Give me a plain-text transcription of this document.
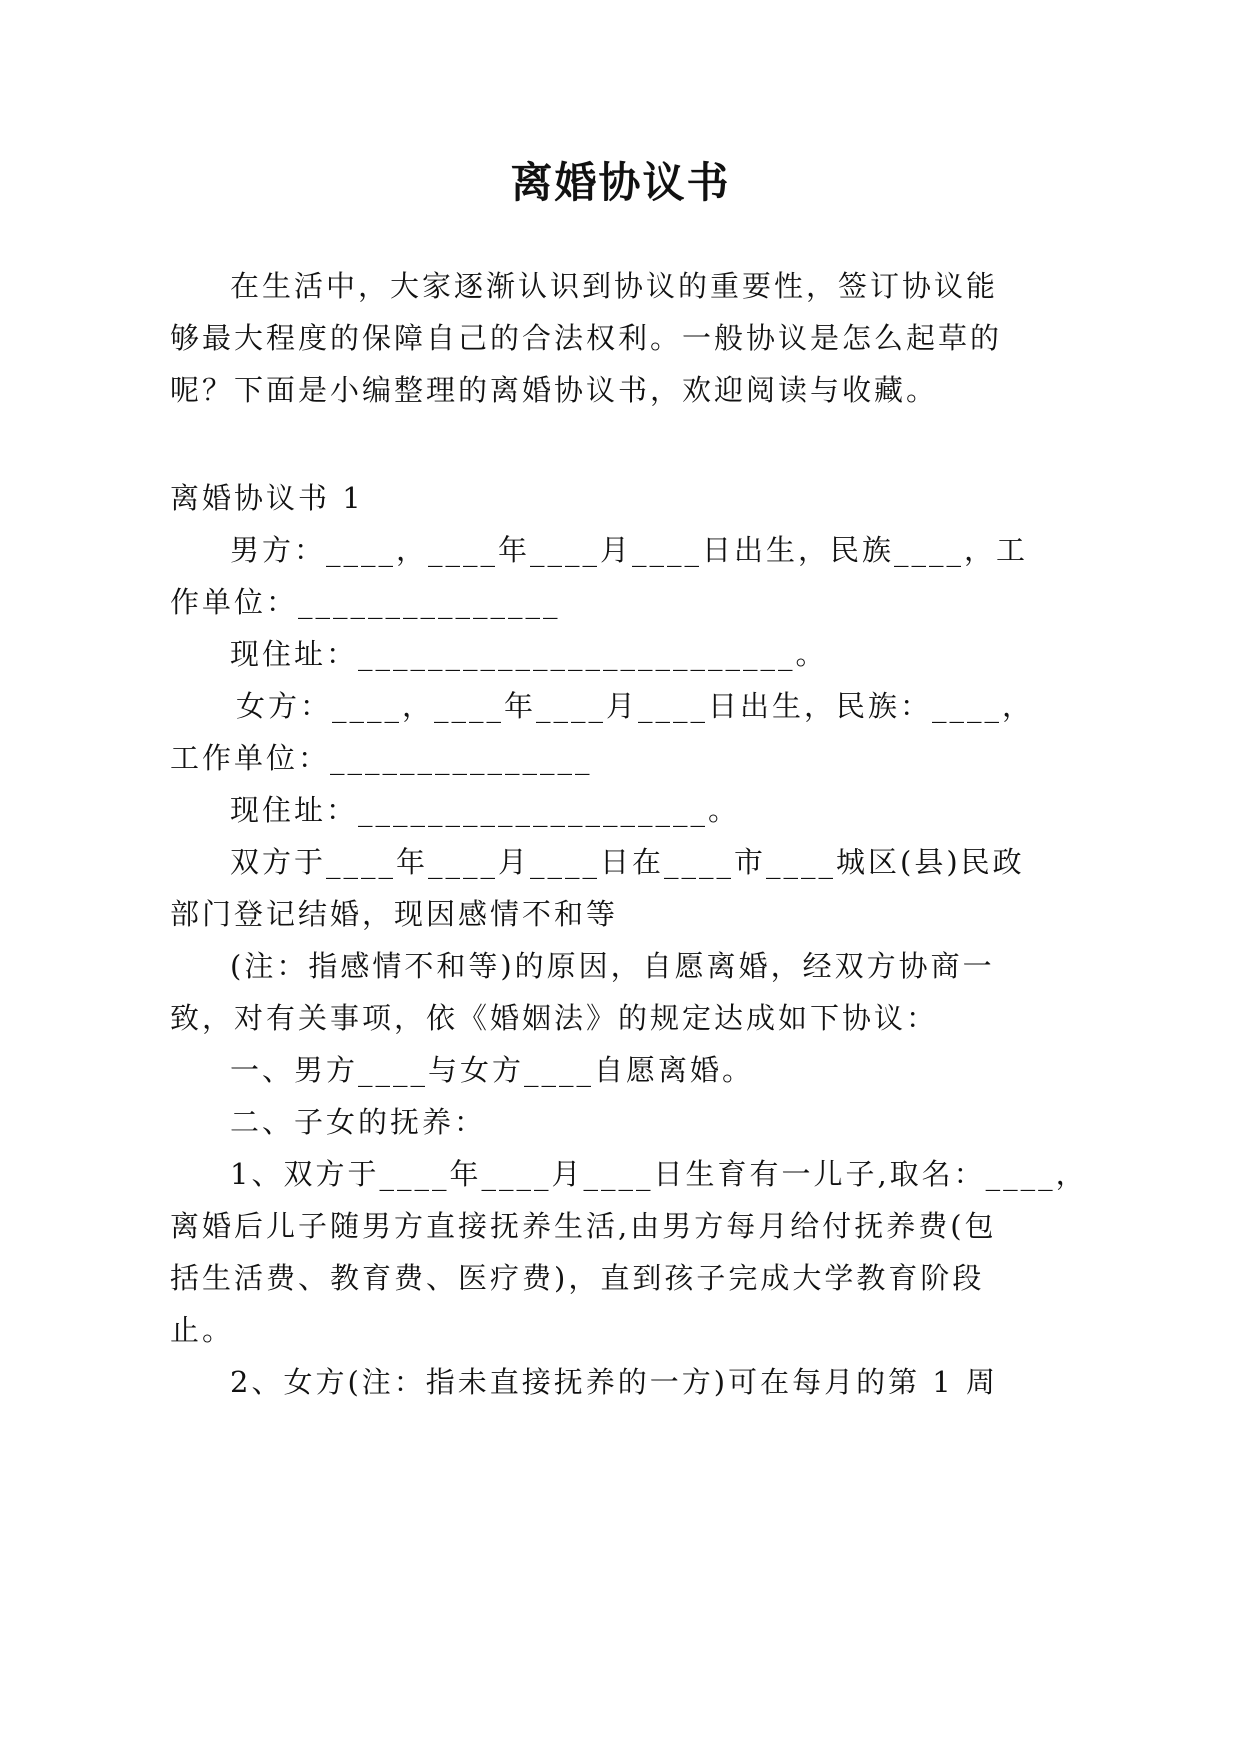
离婚协议书
在生活中，大家逐渐认识到协议的重要性，签订协议能
够最大程度的保障自己的合法权利。一般协议是怎么起草的
呢？下面是小编整理的离婚协议书，欢迎阅读与收藏。
离婚协议书 1
男方：____，____年____月____日出生，民族____，工
作单位：_______________
现住址：_________________________。
女方：____，____年____月____日出生，民族：____，
工作单位：_______________
现住址：____________________。
双方于____年____月____日在____市____城区(县)民政
部门登记结婚，现因感情不和等
(注：指感情不和等)的原因，自愿离婚，经双方协商一
致，对有关事项，依《婚姻法》的规定达成如下协议：
一、男方____与女方____自愿离婚。
二、子女的抚养：
1、双方于____年____月____日生育有一儿子,取名：____，
离婚后儿子随男方直接抚养生活,由男方每月给付抚养费(包
括生活费、教育费、医疗费)，直到孩子完成大学教育阶段
止。
2、女方(注：指未直接抚养的一方)可在每月的第 1 周
